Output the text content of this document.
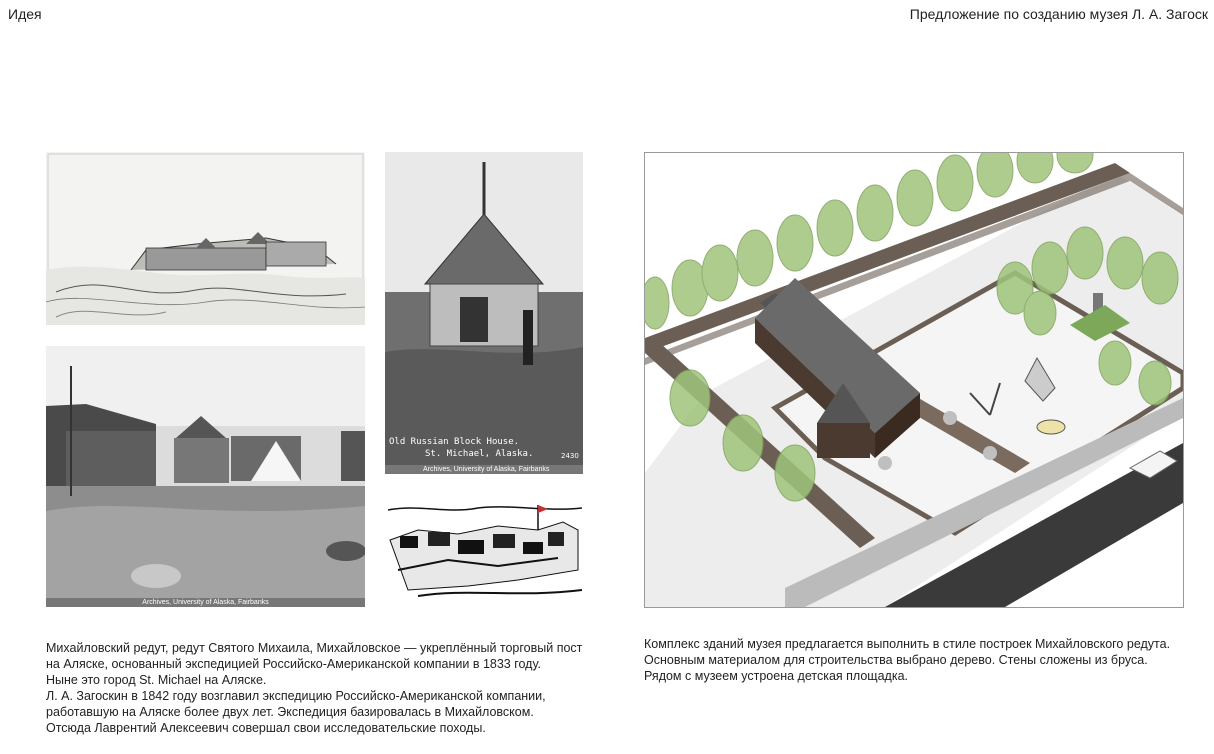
Идея	Предложение по созданию музея Л. А. Загоск
Archives, University of Alaska, Fairbanks
Old Russian Block House.
St. Michael, Alaska.	2430
Archives, University of Alaska, Fairbanks
Михайловский редут, редут Святого Михаила, Михайловское — укреплённый торговый пост на Аляске, основанный экспедицией Российско-Американской компании в 1833 году.
Ныне это город St. Michael на Аляске.
Л. А. Загоскин в 1842 году возглавил экспедицию Российско-Американской компании, работавшую на Аляске более двух лет. Экспедиция базировалась в Михайловском.
Отсюда Лаврентий Алексеевич совершал свои исследовательские походы.
Комплекс зданий музея предлагается выполнить в стиле построек Михайловского редута.
Основным материалом для строительства выбрано дерево. Стены сложены из бруса.
Рядом с музеем устроена детская площадка.
